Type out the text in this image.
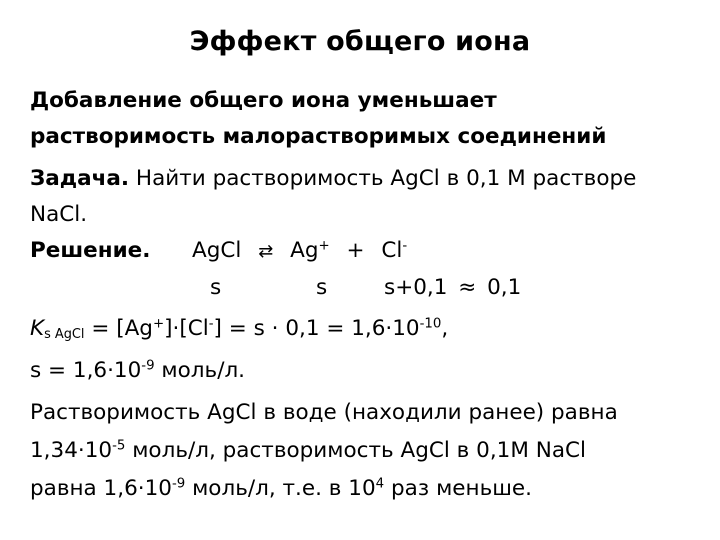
Эффект общего иона
Добавление общего иона уменьшает
растворимость малорастворимых соединений
Задача. Найти растворимость AgCl в 0,1 М растворе
NaCl.
Решение. AgCl ⇄ Ag+ + Cl-
s	s	s+0,1 ≈ 0,1
$K_{s AgCl} = [Ag^+]\cdot[Cl^-] = s \cdot 0,1 = 1,6\cdot 10^{-10}$,
$s = 1,6\cdot 10^{-9}$ моль/л.
Растворимость AgCl в воде (находили ранее) равна
$1,34\cdot 10^{-5}$ моль/л, растворимость AgCl в 0,1M NaCl
равна $1,6\cdot 10^{-9}$ моль/л, т.е. в $10^4$ раз меньше.
